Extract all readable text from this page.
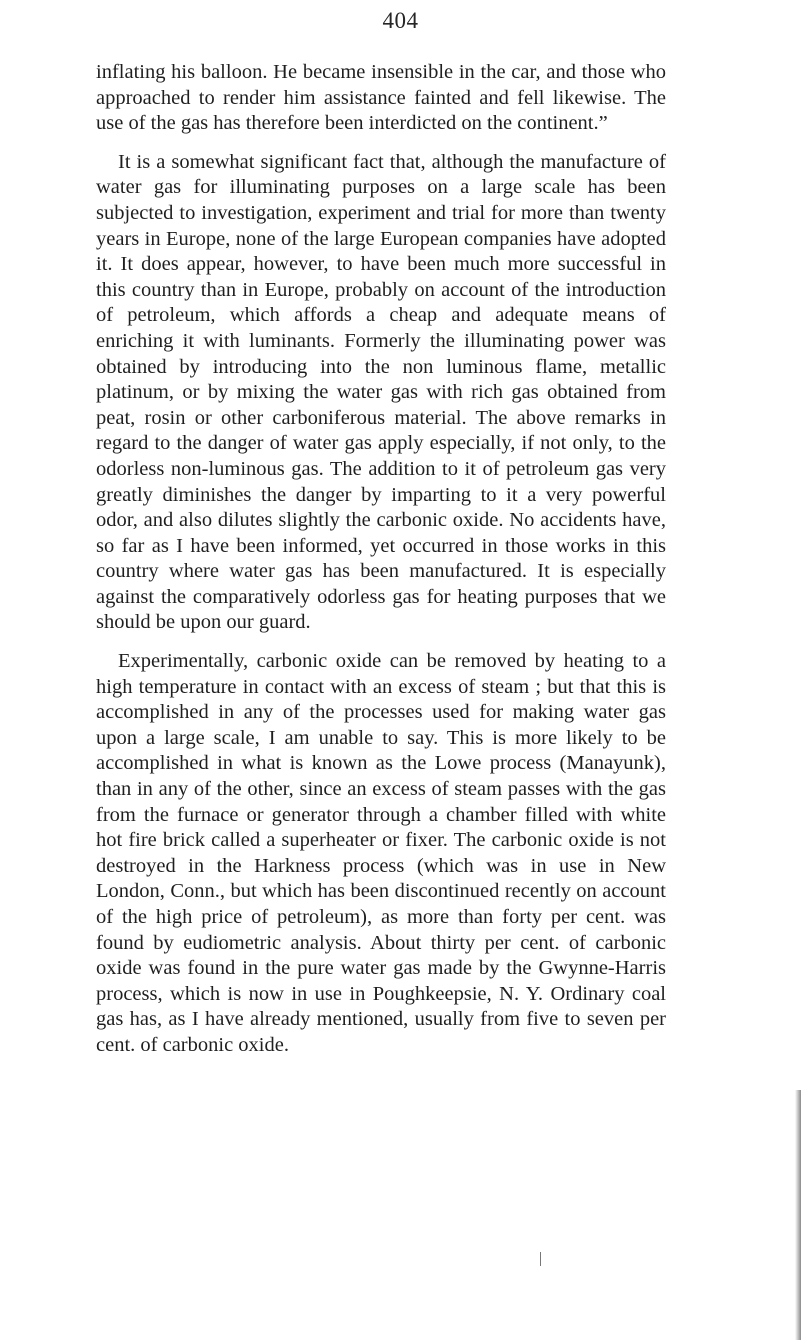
404

inflating his balloon. He became insensible in the car, and those who approached to render him assistance fainted and fell likewise. The use of the gas has therefore been interdicted on the continent.”

It is a somewhat significant fact that, although the manufacture of water gas for illuminating purposes on a large scale has been subjected to investigation, experiment and trial for more than twenty years in Europe, none of the large European companies have adopted it. It does appear, however, to have been much more successful in this country than in Europe, probably on account of the introduction of petroleum, which affords a cheap and adequate means of enriching it with luminants. Formerly the illuminating power was obtained by introducing into the non luminous flame, metallic platinum, or by mixing the water gas with rich gas obtained from peat, rosin or other carboniferous material. The above remarks in regard to the danger of water gas apply especially, if not only, to the odorless non-luminous gas. The addition to it of petroleum gas very greatly diminishes the danger by imparting to it a very powerful odor, and also dilutes slightly the carbonic oxide. No accidents have, so far as I have been informed, yet occurred in those works in this country where water gas has been manufactured. It is especially against the comparatively odorless gas for heating purposes that we should be upon our guard.

Experimentally, carbonic oxide can be removed by heating to a high temperature in contact with an excess of steam ; but that this is accomplished in any of the processes used for making water gas upon a large scale, I am unable to say. This is more likely to be accomplished in what is known as the Lowe process (Manayunk), than in any of the other, since an excess of steam passes with the gas from the furnace or generator through a chamber filled with white hot fire brick called a superheater or fixer. The carbonic oxide is not destroyed in the Harkness process (which was in use in New London, Conn., but which has been discontinued recently on account of the high price of petroleum), as more than forty per cent. was found by eudiometric analysis. About thirty per cent. of carbonic oxide was found in the pure water gas made by the Gwynne-Harris process, which is now in use in Poughkeepsie, N. Y. Ordinary coal gas has, as I have already mentioned, usually from five to seven per cent. of carbonic oxide.
